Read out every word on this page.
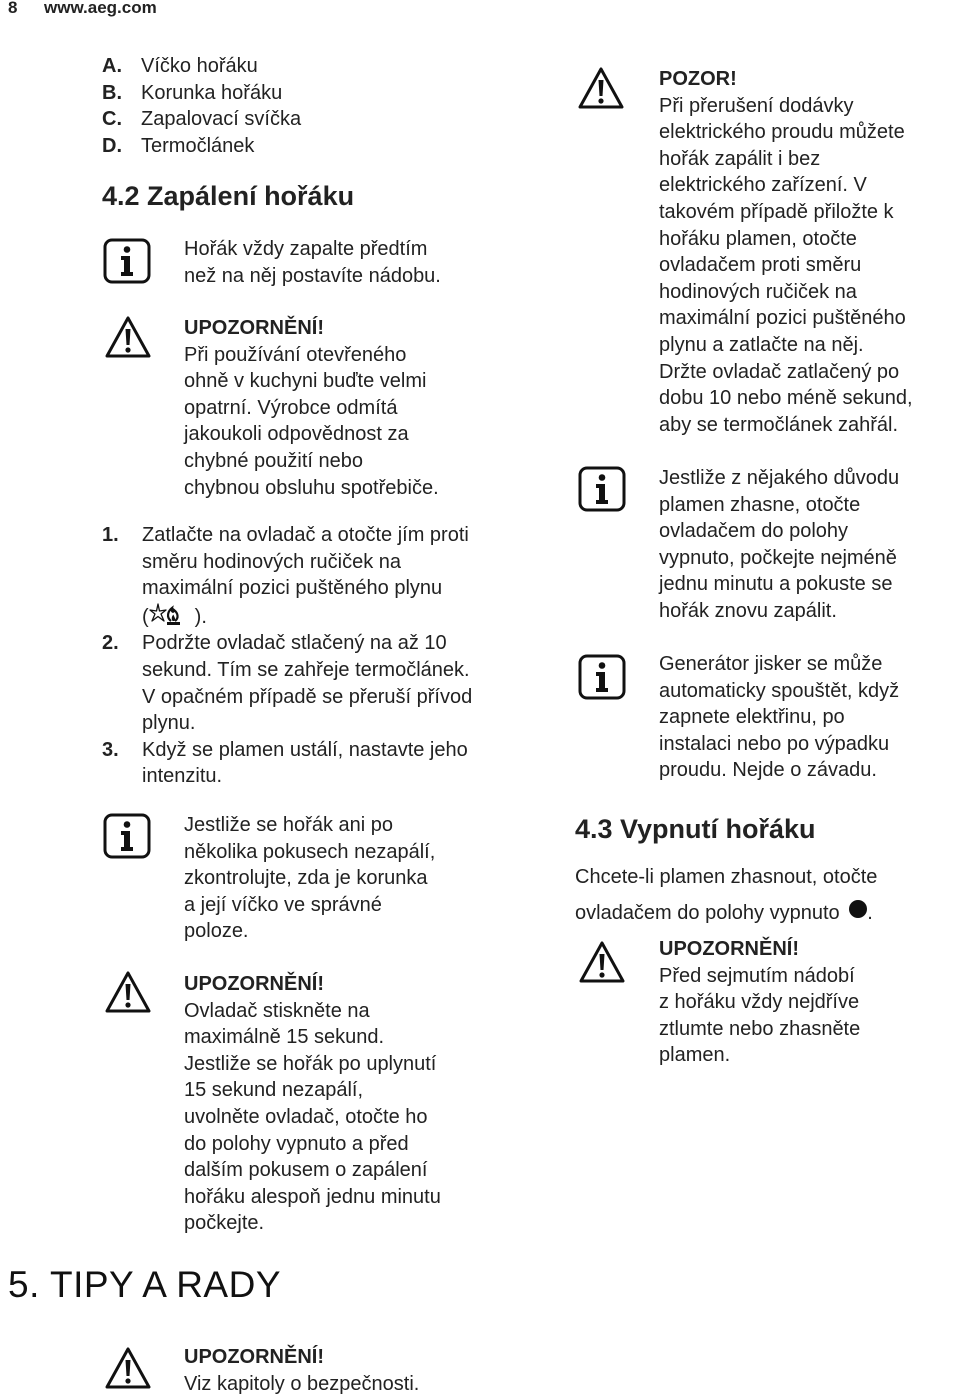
8 www.aeg.com
A. Víčko hořáku
B. Korunka hořáku
C. Zapalovací svíčka
D. Termočlánek
4.2 Zapálení hořáku

Hořák vždy zapalte předtím

než na něj postavíte nádobu.

UPOZORNĚNÍ!

Při používání otevřeného

ohně v kuchyni buďte velmi

opatrní. Výrobce odmítá

jakoukoli odpovědnost za

chybné použití nebo

chybnou obsluhu spotřebiče.

1. Zatlačte na ovladač a otočte jím proti
směru hodinových ručiček na
maximální pozici puštěného plynu
( ).
2. Podržte ovladač stlačený na až 10
sekund. Tím se zahřeje termočlánek.
V opačném případě se přeruší přívod
plynu.
3. Když se plamen ustálí, nastavte jeho
intenzitu.

Jestliže se hořák ani po

několika pokusech nezapálí,

zkontrolujte, zda je korunka

a její víčko ve správné

poloze.

UPOZORNĚNÍ!

Ovladač stiskněte na

maximálně 15 sekund.

Jestliže se hořák po uplynutí

15 sekund nezapálí,

uvolněte ovladač, otočte ho

do polohy vypnuto a před

dalším pokusem o zapálení

hořáku alespoň jednu minutu

počkejte.

5. TIPY A RADY

UPOZORNĚNÍ!

Viz kapitoly o bezpečnosti.

POZOR!

Při přerušení dodávky

elektrického proudu můžete

hořák zapálit i bez

elektrického zařízení. V

takovém případě přiložte k

hořáku plamen, otočte

ovladačem proti směru

hodinových ručiček na

maximální pozici puštěného

plynu a zatlačte na něj.

Držte ovladač zatlačený po

dobu 10 nebo méně sekund,

aby se termočlánek zahřál.

Jestliže z nějakého důvodu

plamen zhasne, otočte

ovladačem do polohy

vypnuto, počkejte nejméně

jednu minutu a pokuste se

hořák znovu zapálit.

Generátor jisker se může

automaticky spouštět, když

zapnete elektřinu, po

instalaci nebo po výpadku

proudu. Nejde o závadu.

4.3 Vypnutí hořáku

Chcete-li plamen zhasnout, otočte

ovladačem do polohy vypnuto .

UPOZORNĚNÍ!

Před sejmutím nádobí

z hořáku vždy nejdříve

ztlumte nebo zhasněte

plamen.
